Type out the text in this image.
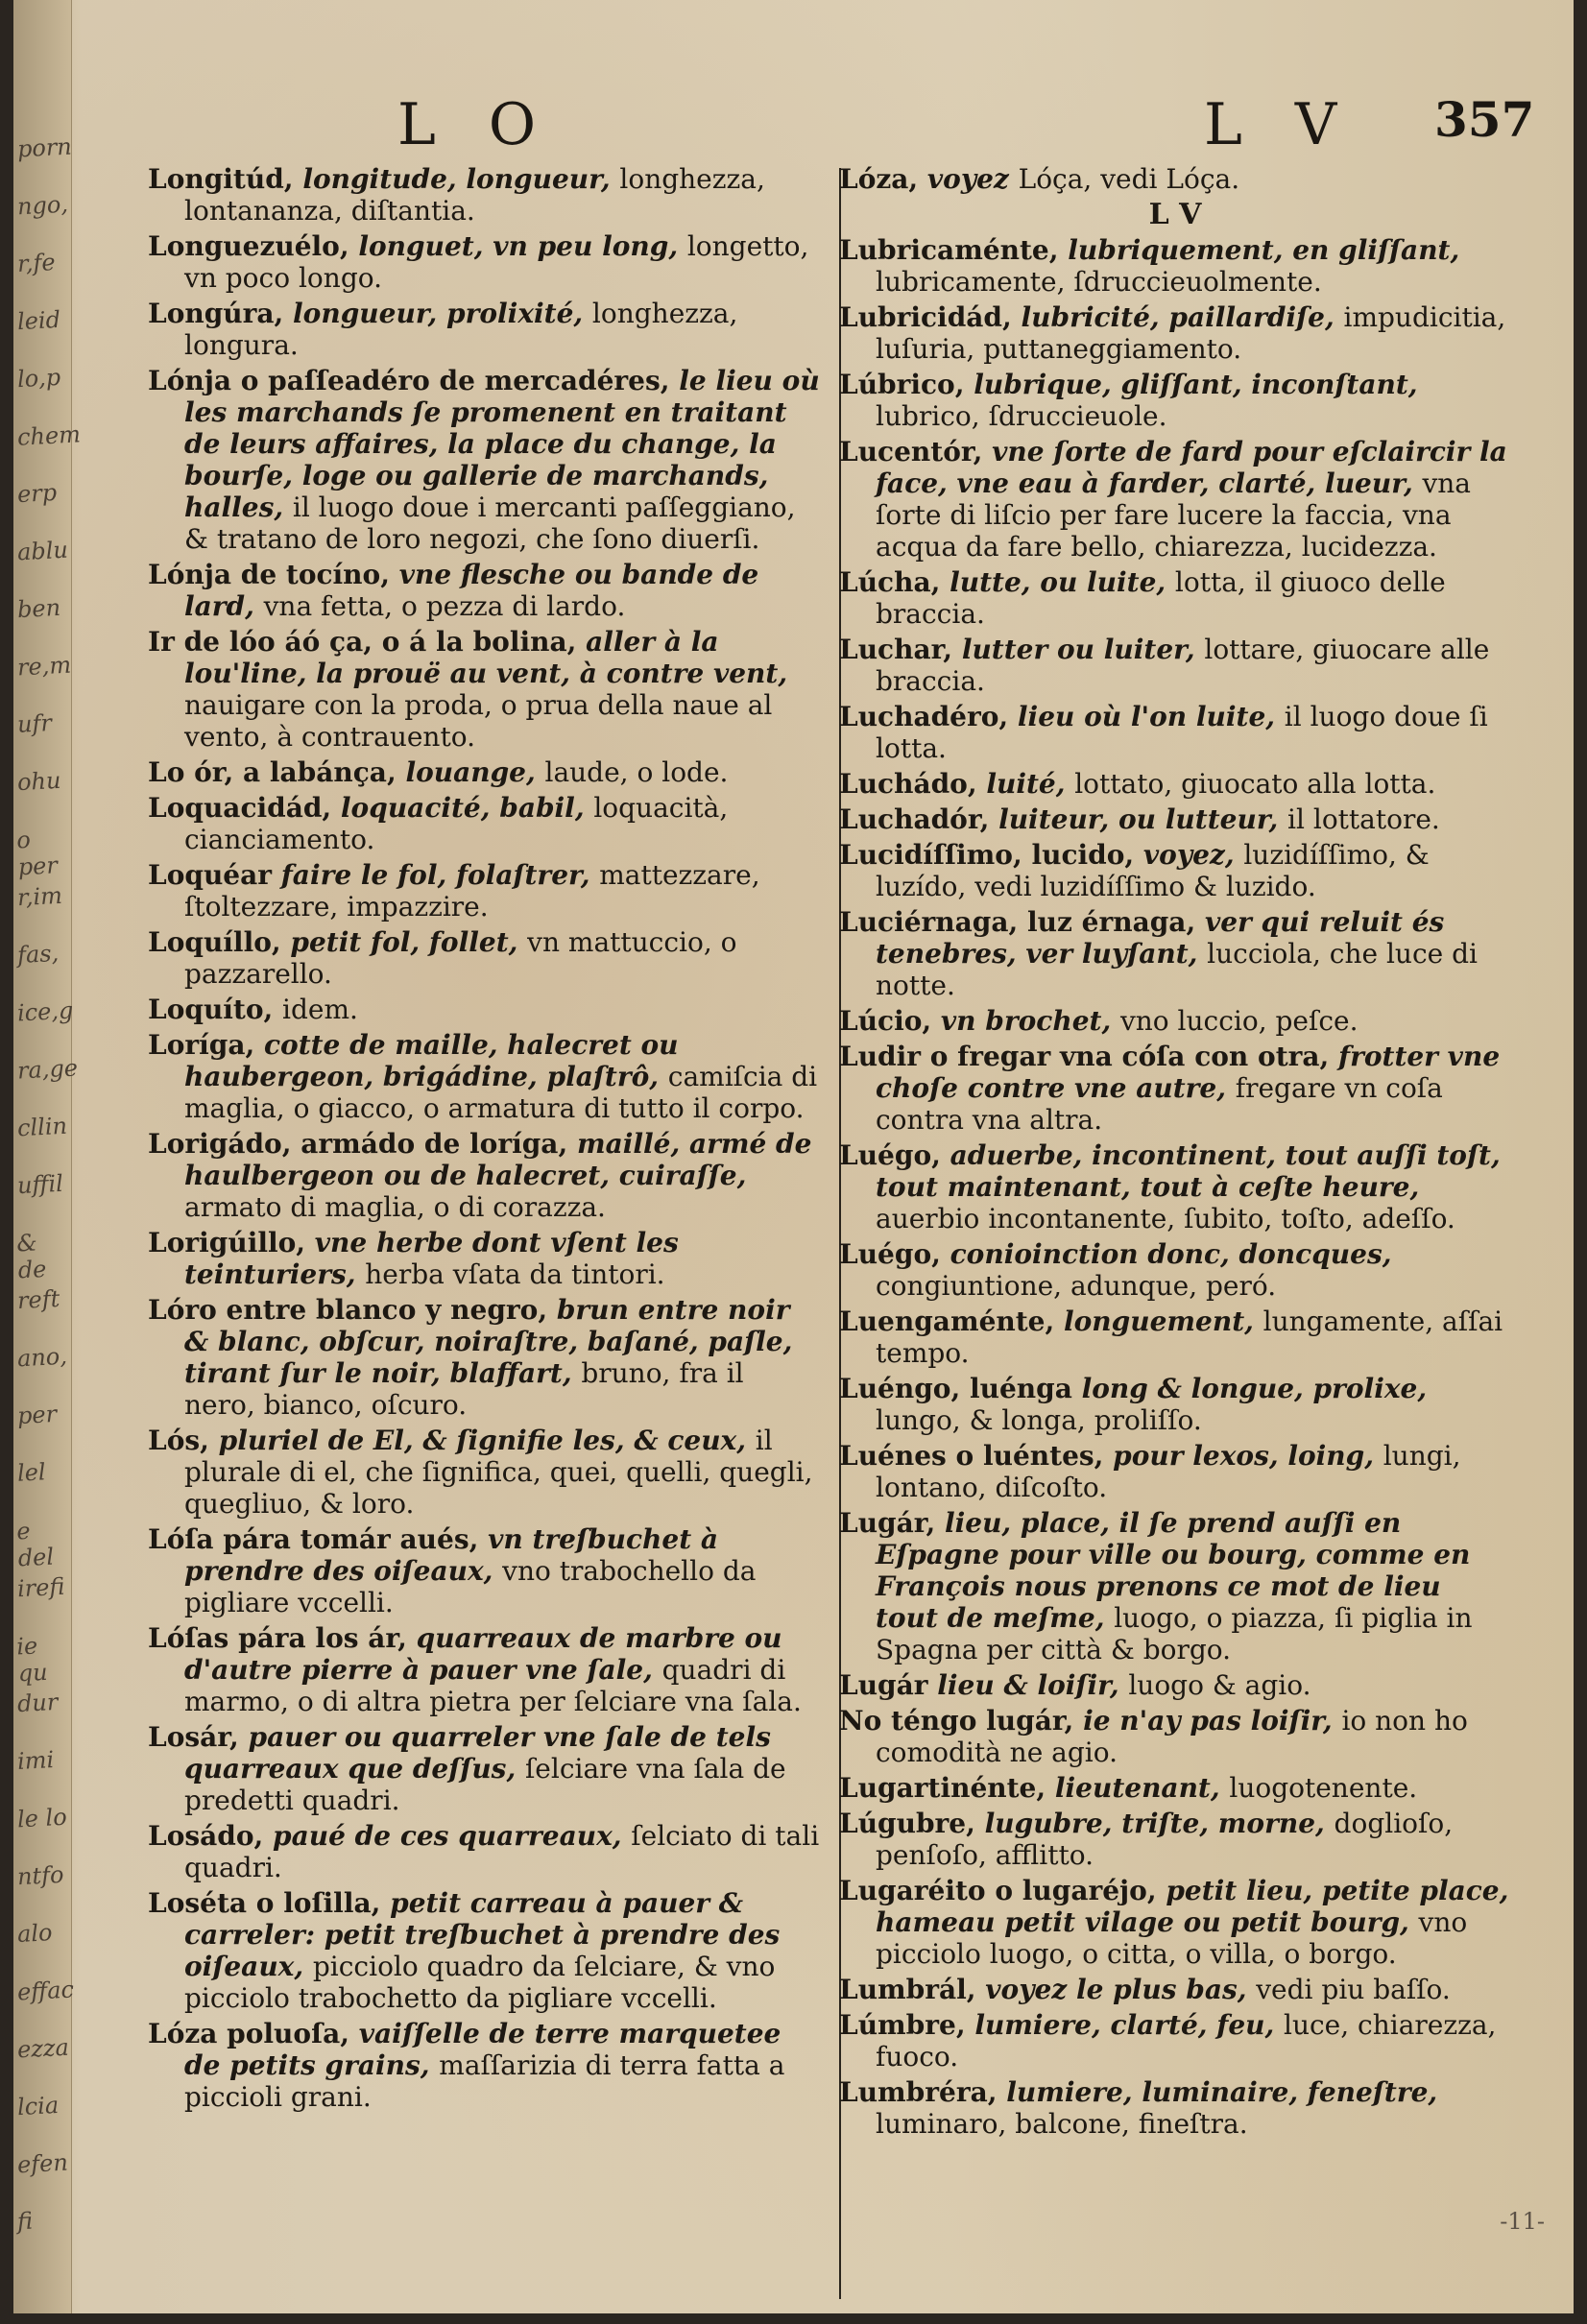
porn
ngo,
r,fe
leid
lo,p
chem
erp
ablu
ben
re,m
ufr
ohu
o per
r,im
fas,
ice,g
ra,ge
cllin
uffil
& de
reft
ano,
per
lel
e del
irefi
ie qu
dur
imi
le lo
ntfo
alo
effac
ezza
lcia
efen
fi
L O	L V 357
Longitúd, longitude, longueur, longhezza, lontananza, diſtantia.
Longuezuélo, longuet, vn peu long, longetto, vn poco longo.
Longúra, longueur, prolixité, longhezza, longura.
Lónja o paſſeadéro de mercadéres, le lieu où les marchands ſe promenent en traitant de leurs affaires, la place du change, la bourſe, loge ou gallerie de marchands, halles, il luogo doue i mercanti paſſeggiano, & tratano de loro negozi, che ſono diuerſi.
Lónja de tocíno, vne flesche ou bande de lard, vna fetta, o pezza di lardo.
Ir de lóo áó ça, o á la bolina, aller à la lou'line, la prouë au vent, à contre vent, nauigare con la proda, o prua della naue al vento, à contrauento.
Lo ór, a labánça, louange, laude, o lode.
Loquacidád, loquacité, babil, loquacità, cianciamento.
Loquéar faire le fol, folaſtrer, mattezzare, ſtoltezzare, impazzire.
Loquíllo, petit fol, follet, vn mattuccio, o pazzarello.
Loquíto, idem.
Loríga, cotte de maille, halecret ou haubergeon, brigádine, plaſtrô, camiſcia di maglia, o giacco, o armatura di tutto il corpo.
Lorigádo, armádo de loríga, maillé, armé de haulbergeon ou de halecret, cuiraſſe, armato di maglia, o di corazza.
Lorigúillo, vne herbe dont vſent les teinturiers, herba vſata da tintori.
Lóro entre blanco y negro, brun entre noir & blanc, obſcur, noiraſtre, baſané, paſle, tirant ſur le noir, blaffart, bruno, fra il nero, bianco, oſcuro.
Lós, pluriel de El, & ſignifie les, & ceux, il plurale di el, che ſignifica, quei, quelli, quegli, quegliuo, & loro.
Lóſa pára tomár aués, vn treſbuchet à prendre des oiſeaux, vno trabochello da pigliare vccelli.
Lóſas pára los ár, quarreaux de marbre ou d'autre pierre à pauer vne ſale, quadri di marmo, o di altra pietra per ſelciare vna ſala.
Losár, pauer ou quarreler vne ſale de tels quarreaux que deſſus, ſelciare vna ſala de predetti quadri.
Losádo, paué de ces quarreaux, ſelciato di tali quadri.
Loséta o loſilla, petit carreau à pauer & carreler: petit treſbuchet à prendre des oiſeaux, picciolo quadro da ſelciare, & vno picciolo trabochetto da pigliare vccelli.
Lóza poluoſa, vaiſſelle de terre marquetee de petits grains, maſſarizia di terra fatta a piccioli grani.
Lóza, voyez Lóça, vedi Lóça.
L V
Lubricaménte, lubriquement, en gliſſant, lubricamente, ſdruccieuolmente.
Lubricidád, lubricité, paillardiſe, impudicitia, luſuria, puttaneggiamento.
Lúbrico, lubrique, gliſſant, inconſtant, lubrico, ſdruccieuole.
Lucentór, vne ſorte de fard pour eſclaircir la face, vne eau à farder, clarté, lueur, vna ſorte di liſcio per fare lucere la faccia, vna acqua da fare bello, chiarezza, lucidezza.
Lúcha, lutte, ou luite, lotta, il giuoco delle braccia.
Luchar, lutter ou luiter, lottare, giuocare alle braccia.
Luchadéro, lieu où l'on luite, il luogo doue ſi lotta.
Luchádo, luité, lottato, giuocato alla lotta.
Luchadór, luiteur, ou lutteur, il lottatore.
Lucidíſſimo, lucido, voyez, luzidíſſimo, & luzído, vedi luzidíſſimo & luzido.
Luciérnaga, luz érnaga, ver qui reluit és tenebres, ver luyſant, lucciola, che luce di notte.
Lúcio, vn brochet, vno luccio, peſce.
Ludir o fregar vna cóſa con otra, frotter vne choſe contre vne autre, fregare vn coſa contra vna altra.
Luégo, aduerbe, incontinent, tout auſſi toſt, tout maintenant, tout à ceſte heure, auerbio incontanente, ſubito, toſto, adeſſo.
Luégo, conioinction donc, doncques, congiuntione, adunque, peró.
Luengaménte, longuement, lungamente, aſſai tempo.
Luéngo, luénga long & longue, prolixe, lungo, & longa, proliſſo.
Luénes o luéntes, pour lexos, loing, lungi, lontano, diſcoſto.
Lugár, lieu, place, il ſe prend auſſi en Eſpagne pour ville ou bourg, comme en François nous prenons ce mot de lieu tout de meſme, luogo, o piazza, ſi piglia in Spagna per città & borgo.
Lugár lieu & loiſir, luogo & agio.
No téngo lugár, ie n'ay pas loiſir, io non ho comodità ne agio.
Lugartinénte, lieutenant, luogotenente.
Lúgubre, lugubre, triſte, morne, doglioſo, penſoſo, afflitto.
Lugaréito o lugaréjo, petit lieu, petite place, hameau petit vilage ou petit bourg, vno picciolo luogo, o citta, o villa, o borgo.
Lumbrál, voyez le plus bas, vedi piu baſſo.
Lúmbre, lumiere, clarté, feu, luce, chiarezza, fuoco.
Lumbréra, lumiere, luminaire, feneſtre, luminaro, balcone, fineſtra.
-11-
